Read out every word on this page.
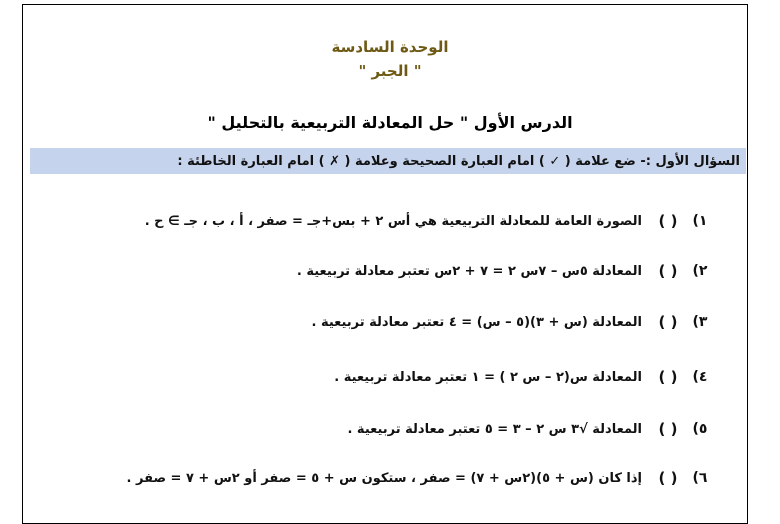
الوحدة السادسة
" الجبر "
الدرس الأول " حل المعادلة التربيعية بالتحليل "
السؤال الأول :- ضع علامة ( ✓ ) امام العبارة الصحيحة وعلامة ( ✗ ) امام العبارة الخاطئة :
١)
( )
الصورة العامة للمعادلة التربيعية هي أس ٢ + بس+جـ = صفر ، أ ، ب ، جـ ∋ ح .
٢)
( )
المعادلة ٥س – ٧س ٢ = ٧ + ٢س تعتبر معادلة تربيعية .
٣)
( )
المعادلة (س + ٣)(٥ – س) = ٤ تعتبر معادلة تربيعية .
٤)
( )
المعادلة س(٢ – س ٢ ) = ١ تعتبر معادلة تربيعية .
٥)
( )
المعادلة √٣ س ٢ – ٣ = ٥ تعتبر معادلة تربيعية .
٦)
( )
إذا كان (س + ٥)(٢س + ٧) = صفر ، ستكون س + ٥ = صفر أو ٢س + ٧ = صفر .
